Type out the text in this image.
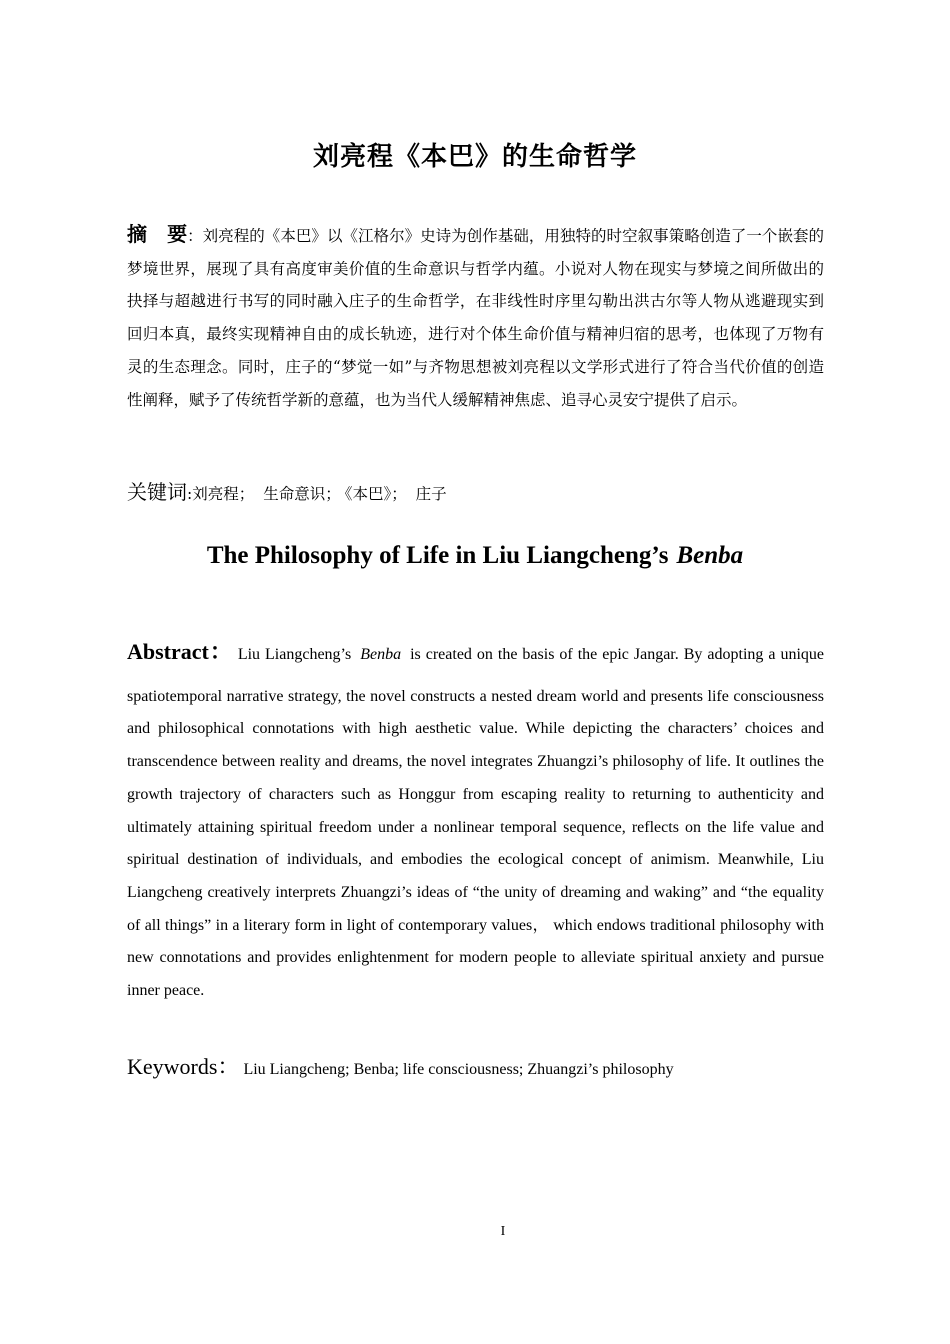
刘亮程《本巴》的生命哲学

摘 要：刘亮程的《本巴》以《江格尔》史诗为创作基础，用独特的时空叙事策略创造了一个嵌套的梦境世界，展现了具有高度审美价值的生命意识与哲学内蕴。小说对人物在现实与梦境之间所做出的抉择与超越进行书写的同时融入庄子的生命哲学，在非线性时序里勾勒出洪古尔等人物从逃避现实到回归本真，最终实现精神自由的成长轨迹，进行对个体生命价值与精神归宿的思考，也体现了万物有灵的生态理念。同时，庄子的“梦觉一如”与齐物思想被刘亮程以文学形式进行了符合当代价值的创造性阐释，赋予了传统哲学新的意蕴，也为当代人缓解精神焦虑、追寻心灵安宁提供了启示。

关键词:刘亮程； 生命意识； 《本巴》； 庄子

The Philosophy of Life in Liu Liangcheng’s Benba

Abstract： Liu Liangcheng’s Benba is created on the basis of the epic Jangar. By adopting a unique
spatiotemporal narrative strategy, the novel constructs a nested dream world and presents life consciousness and philosophical connotations with high aesthetic value. While depicting the characters’ choices and transcendence between reality and dreams, the novel integrates Zhuangzi’s philosophy of life. It outlines the growth trajectory of characters such as Honggur from escaping reality to returning to authenticity and ultimately attaining spiritual freedom under a nonlinear temporal sequence, reflects on the life value and spiritual destination of individuals, and embodies the ecological concept of animism. Meanwhile, Liu Liangcheng creatively interprets Zhuangzi’s ideas of “the unity of dreaming and waking” and “the equality of all things” in a literary form in light of contemporary values， which endows traditional philosophy with new connotations and provides enlightenment for modern people to alleviate spiritual anxiety and pursue inner peace.

Keywords： Liu Liangcheng; Benba; life consciousness; Zhuangzi’s philosophy

I
